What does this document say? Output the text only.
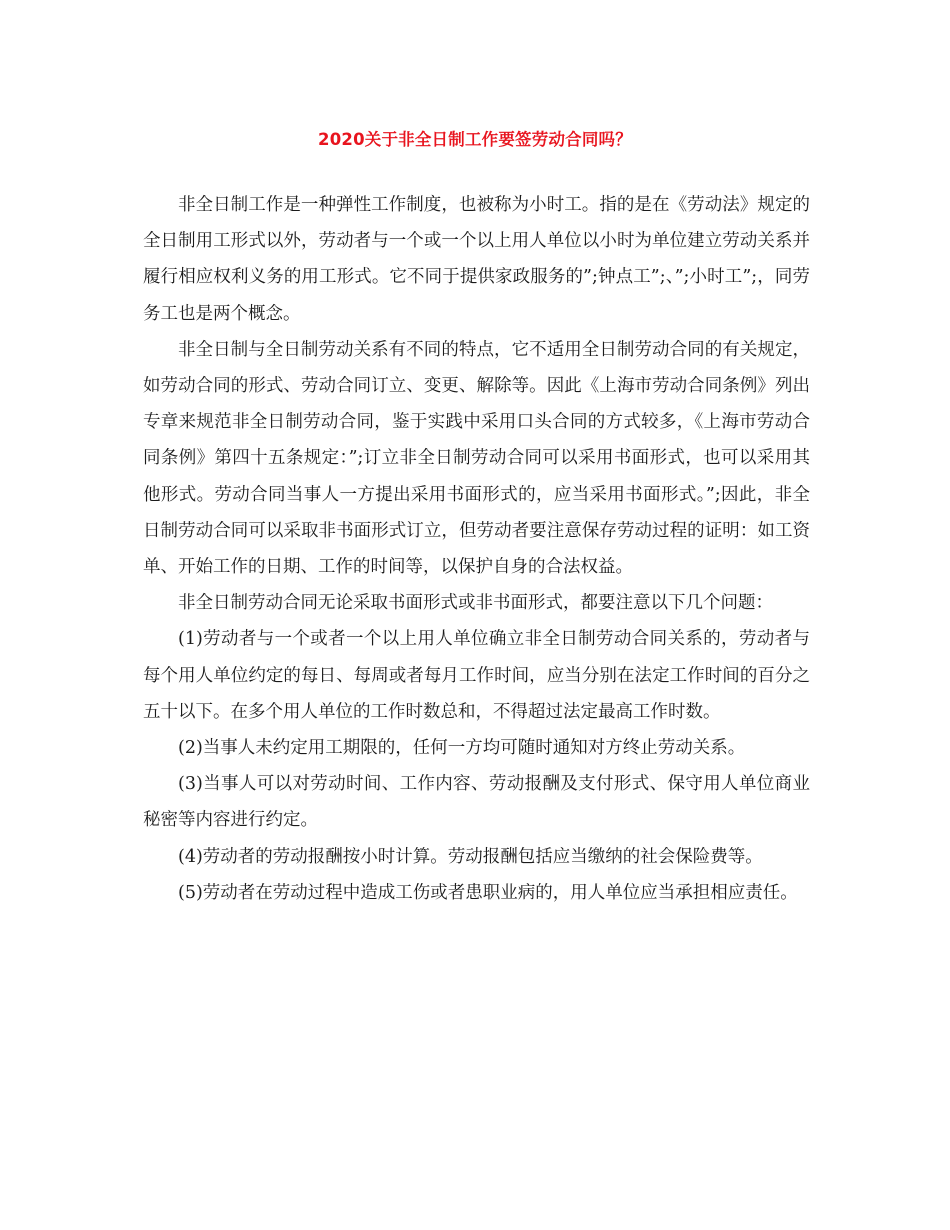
2020关于非全日制工作要签劳动合同吗？

非全日制工作是一种弹性工作制度，也被称为小时工。指的是在《劳动法》规定的全日制用工形式以外，劳动者与一个或一个以上用人单位以小时为单位建立劳动关系并履行相应权利义务的用工形式。它不同于提供家政服务的”;钟点工”;、”;小时工”;，同劳务工也是两个概念。

非全日制与全日制劳动关系有不同的特点，它不适用全日制劳动合同的有关规定，如劳动合同的形式、劳动合同订立、变更、解除等。因此《上海市劳动合同条例》列出专章来规范非全日制劳动合同，鉴于实践中采用口头合同的方式较多，《上海市劳动合同条例》第四十五条规定：”;订立非全日制劳动合同可以采用书面形式，也可以采用其他形式。劳动合同当事人一方提出采用书面形式的，应当采用书面形式。”;因此，非全日制劳动合同可以采取非书面形式订立，但劳动者要注意保存劳动过程的证明：如工资单、开始工作的日期、工作的时间等，以保护自身的合法权益。

非全日制劳动合同无论采取书面形式或非书面形式，都要注意以下几个问题：

(1)劳动者与一个或者一个以上用人单位确立非全日制劳动合同关系的，劳动者与每个用人单位约定的每日、每周或者每月工作时间，应当分别在法定工作时间的百分之五十以下。在多个用人单位的工作时数总和，不得超过法定最高工作时数。

(2)当事人未约定用工期限的，任何一方均可随时通知对方终止劳动关系。

(3)当事人可以对劳动时间、工作内容、劳动报酬及支付形式、保守用人单位商业秘密等内容进行约定。

(4)劳动者的劳动报酬按小时计算。劳动报酬包括应当缴纳的社会保险费等。

(5)劳动者在劳动过程中造成工伤或者患职业病的，用人单位应当承担相应责任。
